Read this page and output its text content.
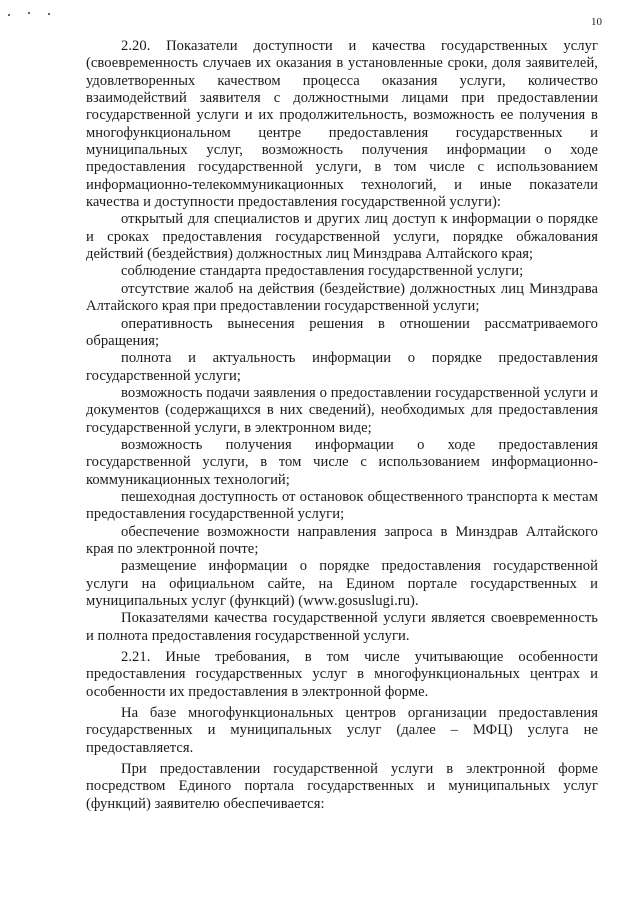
10

2.20. Показатели доступности и качества государственных услуг (своевременность случаев их оказания в установленные сроки, доля заявителей, удовлетворенных качеством процесса оказания услуги, количество взаимодействий заявителя с должностными лицами при предоставлении государственной услуги и их продолжительность, возможность ее получения в многофункциональном центре предоставления государственных и муниципальных услуг, возможность получения информации о ходе предоставления государственной услуги, в том числе с использованием информационно-телекоммуникационных технологий, и иные показатели качества и доступности предоставления государственной услуги):

открытый для специалистов и других лиц доступ к информации о порядке и сроках предоставления государственной услуги, порядке обжалования действий (бездействия) должностных лиц Минздрава Алтайского края;

соблюдение стандарта предоставления государственной услуги;

отсутствие жалоб на действия (бездействие) должностных лиц Минздрава Алтайского края при предоставлении государственной услуги;

оперативность вынесения решения в отношении рассматриваемого обращения;

полнота и актуальность информации о порядке предоставления государственной услуги;

возможность подачи заявления о предоставлении государственной услуги и документов (содержащихся в них сведений), необходимых для предоставления государственной услуги, в электронном виде;

возможность получения информации о ходе предоставления государственной услуги, в том числе с использованием информационно-коммуникационных технологий;

пешеходная доступность от остановок общественного транспорта к местам предоставления государственной услуги;

обеспечение возможности направления запроса в Минздрав Алтайского края по электронной почте;

размещение информации о порядке предоставления государственной услуги на официальном сайте, на Едином портале государственных и муниципальных услуг (функций) (www.gosuslugi.ru).

Показателями качества государственной услуги является своевременность и полнота предоставления государственной услуги.

2.21. Иные требования, в том числе учитывающие особенности предоставления государственных услуг в многофункциональных центрах и особенности их предоставления в электронной форме.

На базе многофункциональных центров организации предоставления государственных и муниципальных услуг (далее – МФЦ) услуга не предоставляется.

При предоставлении государственной услуги в электронной форме посредством Единого портала государственных и муниципальных услуг (функций) заявителю обеспечивается:
